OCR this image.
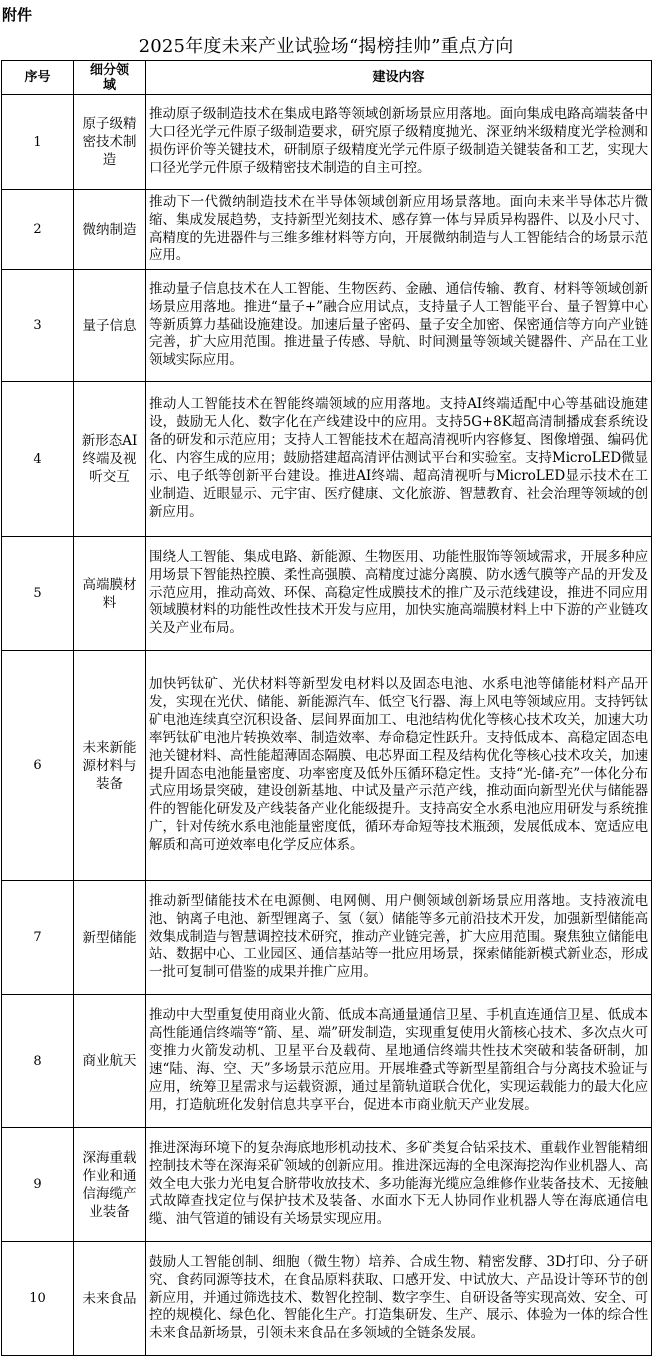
附件
2025年度未来产业试验场“揭榜挂帅”重点方向
序号	细分领域	建设内容
1	原子级精密技术制造	推动原子级制造技术在集成电路等领域创新场景应用落地。面向集成电路高端装备中大口径光学元件原子级制造要求，研究原子级精度抛光、深亚纳米级精度光学检测和损伤评价等关键技术，研制原子级精度光学元件原子级制造关键装备和工艺，实现大口径光学元件原子级精密技术制造的自主可控。
2	微纳制造	推动下一代微纳制造技术在半导体领域创新应用场景落地。面向未来半导体芯片微缩、集成发展趋势，支持新型光刻技术、感存算一体与异质异构器件、以及小尺寸、高精度的先进器件与三维多维材料等方向，开展微纳制造与人工智能结合的场景示范应用。
3	量子信息	推动量子信息技术在人工智能、生物医药、金融、通信传输、教育、材料等领域创新场景应用落地。推进“量子+”融合应用试点，支持量子人工智能平台、量子智算中心等新质算力基础设施建设。加速后量子密码、量子安全加密、保密通信等方向产业链完善，扩大应用范围。推进量子传感、导航、时间测量等领域关键器件、产品在工业领域实际应用。
4	新形态AI终端及视听交互	推动人工智能技术在智能终端领域的应用落地。支持AI终端适配中心等基础设施建设，鼓励无人化、数字化在产线建设中的应用。支持5G+8K超高清制播成套系统设备的研发和示范应用；支持人工智能技术在超高清视听内容修复、图像增强、编码优化、内容生成的应用；鼓励搭建超高清评估测试平台和实验室。支持MicroLED微显示、电子纸等创新平台建设。推进AI终端、超高清视听与MicroLED显示技术在工业制造、近眼显示、元宇宙、医疗健康、文化旅游、智慧教育、社会治理等领域的创新应用。
5	高端膜材料	围绕人工智能、集成电路、新能源、生物医用、功能性服饰等领域需求，开展多种应用场景下智能热控膜、柔性高强膜、高精度过滤分离膜、防水透气膜等产品的开发及示范应用，推动高效、环保、高稳定性成膜技术的推广及示范线建设，推进不同应用领域膜材料的功能性改性技术开发与应用，加快实施高端膜材料上中下游的产业链攻关及产业布局。
6	未来新能源材料与装备	加快钙钛矿、光伏材料等新型发电材料以及固态电池、水系电池等储能材料产品开发，实现在光伏、储能、新能源汽车、低空飞行器、海上风电等领域应用。支持钙钛矿电池连续真空沉积设备、层间界面加工、电池结构优化等核心技术攻关，加速大功率钙钛矿电池片转换效率、制造效率、寿命稳定性跃升。支持低成本、高稳定固态电池关键材料、高性能超薄固态隔膜、电芯界面工程及结构优化等核心技术攻关，加速提升固态电池能量密度、功率密度及低外压循环稳定性。支持“光-储-充”一体化分布式应用场景突破，建设创新基地、中试及量产示范产线，推动面向新型光伏与储能器件的智能化研发及产线装备产业化能级提升。支持高安全水系电池应用研发与系统推广，针对传统水系电池能量密度低，循环寿命短等技术瓶颈，发展低成本、宽适应电解质和高可逆效率电化学反应体系。
7	新型储能	推动新型储能技术在电源侧、电网侧、用户侧领域创新场景应用落地。支持液流电池、钠离子电池、新型锂离子、氢（氨）储能等多元前沿技术开发，加强新型储能高效集成制造与智慧调控技术研究，推动产业链完善，扩大应用范围。聚焦独立储能电站、数据中心、工业园区、通信基站等一批应用场景，探索储能新模式新业态，形成一批可复制可借鉴的成果并推广应用。
8	商业航天	推动中大型重复使用商业火箭、低成本高通量通信卫星、手机直连通信卫星、低成本高性能通信终端等“箭、星、端”研发制造，实现重复使用火箭核心技术、多次点火可变推力火箭发动机、卫星平台及载荷、星地通信终端共性技术突破和装备研制，加速“陆、海、空、天”多场景示范应用。开展堆叠式等新型星箭组合与分离技术验证与应用，统筹卫星需求与运载资源，通过星箭轨道联合优化，实现运载能力的最大化应用，打造航班化发射信息共享平台，促进本市商业航天产业发展。
9	深海重载作业和通信海缆产业装备	推进深海环境下的复杂海底地形机动技术、多矿类复合钻采技术、重载作业智能精细控制技术等在深海采矿领域的创新应用。推进深远海的全电深海挖沟作业机器人、高效全电大张力光电复合脐带收放技术、多功能海光缆应急维修作业装备技术、无接触式故障查找定位与保护技术及装备、水面水下无人协同作业机器人等在海底通信电缆、油气管道的铺设有关场景实现应用。
10	未来食品	鼓励人工智能创制、细胞（微生物）培养、合成生物、精密发酵、3D打印、分子研究、食药同源等技术，在食品原料获取、口感开发、中试放大、产品设计等环节的创新应用，并通过筛选技术、数智化控制、数字孪生、自研设备等实现高效、安全、可控的规模化、绿色化、智能化生产。打造集研发、生产、展示、体验为一体的综合性未来食品新场景，引领未来食品在多领域的全链条发展。
